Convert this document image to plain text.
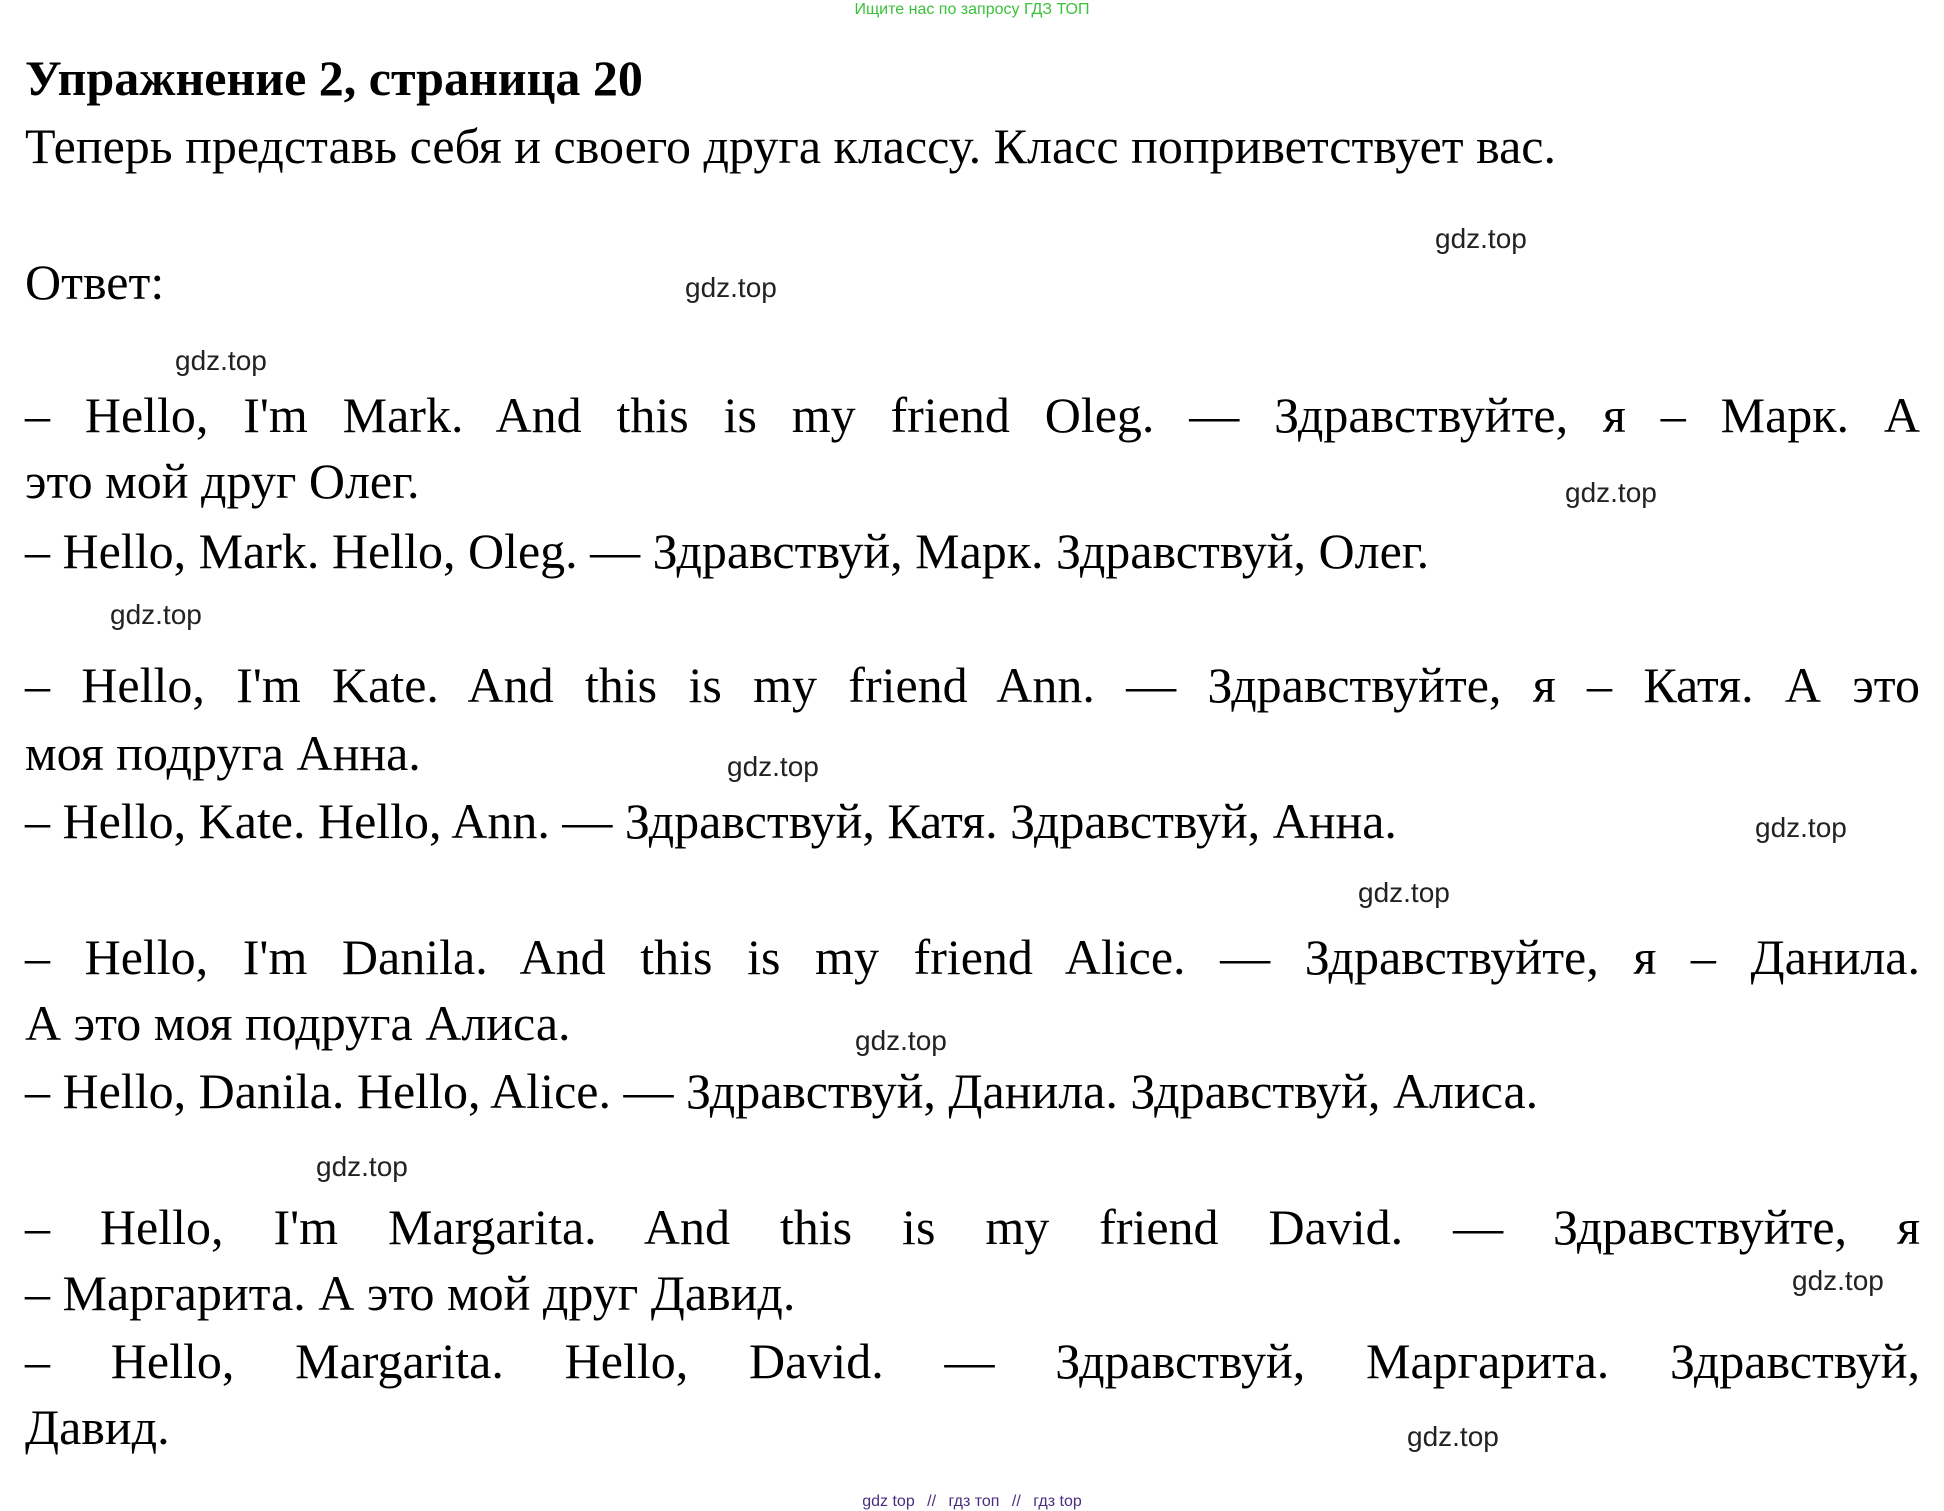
Ищите нас по запросу ГДЗ ТОП
Упражнение 2, страница 20
Теперь представь себя и своего друга классу. Класс поприветствует вас.
Ответ:
– Hello, I'm Mark. And this is my friend Oleg. — Здравствуйте, я – Марк. А
это мой друг Олег.
– Hello, Mark. Hello, Oleg. — Здравствуй, Марк. Здравствуй, Олег.
– Hello, I'm Kate. And this is my friend Ann. — Здравствуйте, я – Катя. А это
моя подруга Анна.
– Hello, Kate. Hello, Ann. — Здравствуй, Катя. Здравствуй, Анна.
– Hello, I'm Danila. And this is my friend Alice. — Здравствуйте, я – Данила.
А это моя подруга Алиса.
– Hello, Danila. Hello, Alice. — Здравствуй, Данила. Здравствуй, Алиса.
– Hello, I'm Margarita. And this is my friend David. — Здравствуйте, я
– Маргарита. А это мой друг Давид.
– Hello, Margarita. Hello, David. — Здравствуй, Маргарита. Здравствуй,
Давид.
gdz.top
gdz.top
gdz.top
gdz.top
gdz.top
gdz.top
gdz.top
gdz.top
gdz.top
gdz.top
gdz.top
gdz.top
gdz top // гдз топ // гдз top
